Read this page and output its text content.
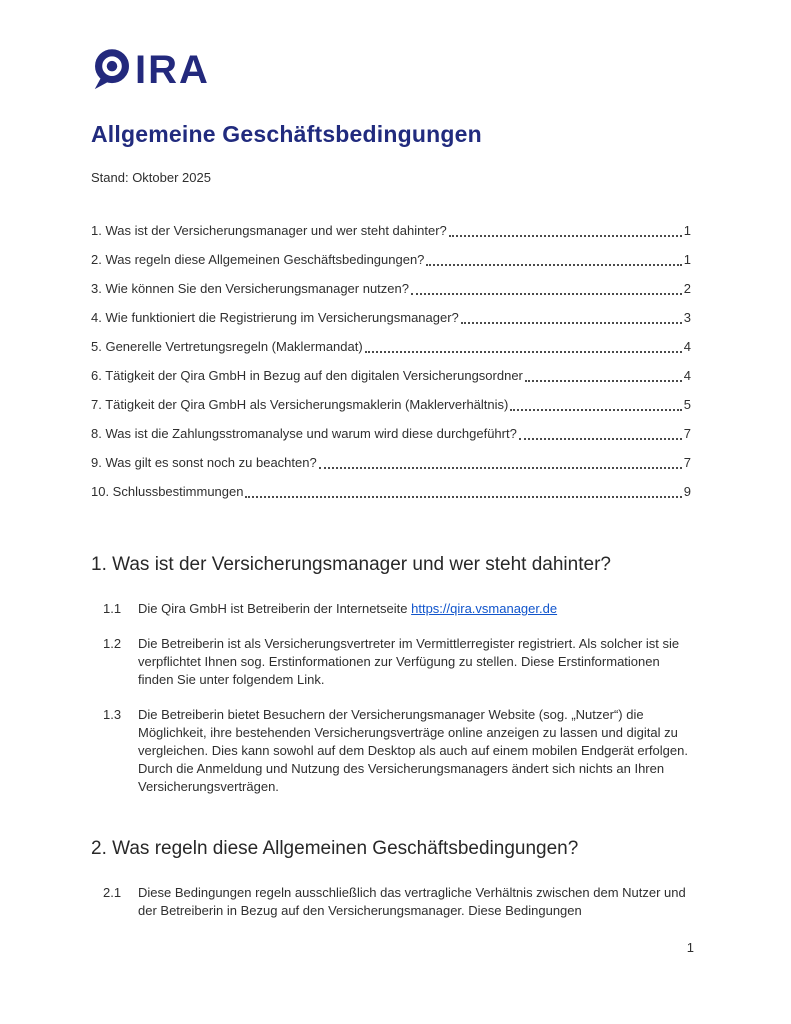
IRA
Allgemeine Geschäftsbedingungen

Stand: Oktober 2025

1. Was ist der Versicherungsmanager und wer steht dahinter?	1
2. Was regeln diese Allgemeinen Geschäftsbedingungen?	1
3. Wie können Sie den Versicherungsmanager nutzen?	2
4. Wie funktioniert die Registrierung im Versicherungsmanager?	3
5. Generelle Vertretungsregeln (Maklermandat)	4
6. Tätigkeit der Qira GmbH in Bezug auf den digitalen Versicherungsordner	4
7. Tätigkeit der Qira GmbH als Versicherungsmaklerin (Maklerverhältnis)	5
8. Was ist die Zahlungsstromanalyse und warum wird diese durchgeführt?	7
9. Was gilt es sonst noch zu beachten?	7
10. Schlussbestimmungen	9
1. Was ist der Versicherungsmanager und wer steht dahinter?
1.1	Die Qira GmbH ist Betreiberin der Internetseite https://qira.vsmanager.de
1.2	Die Betreiberin ist als Versicherungsvertreter im Vermittlerregister registriert. Als solcher ist sie verpflichtet Ihnen sog. Erstinformationen zur Verfügung zu stellen. Diese Erstinformationen finden Sie unter folgendem Link.
1.3	Die Betreiberin bietet Besuchern der Versicherungsmanager Website (sog. „Nutzer“) die Möglichkeit, ihre bestehenden Versicherungsverträge online anzeigen zu lassen und digital zu vergleichen. Dies kann sowohl auf dem Desktop als auch auf einem mobilen Endgerät erfolgen. Durch die Anmeldung und Nutzung des Versicherungsmanagers ändert sich nichts an Ihren Versicherungsverträgen.
2. Was regeln diese Allgemeinen Geschäftsbedingungen?
2.1	Diese Bedingungen regeln ausschließlich das vertragliche Verhältnis zwischen dem Nutzer und der Betreiberin in Bezug auf den Versicherungsmanager. Diese Bedingungen
1
